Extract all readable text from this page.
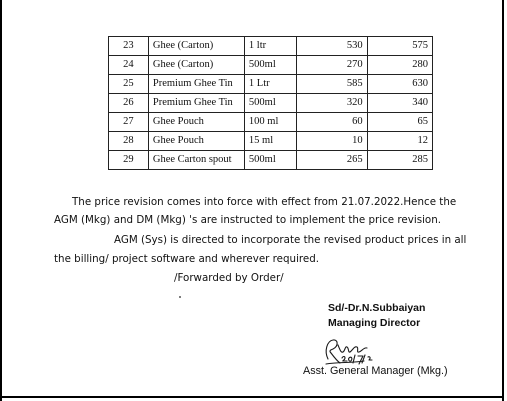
23	Ghee (Carton)	1 ltr	530	575
24	Ghee (Carton)	500ml	270	280
25	Premium Ghee Tin	1 Ltr	585	630
26	Premium Ghee Tin	500ml	320	340
27	Ghee Pouch	100 ml	60	65
28	Ghee Pouch	15 ml	10	12
29	Ghee Carton spout	500ml	265	285
The price revision comes into force with effect from 21.07.2022.Hence the
AGM (Mkg) and DM (Mkg) 's are instructed to implement the price revision.
AGM (Sys) is directed to incorporate the revised product prices in all
the billing/ project software and wherever required.
/Forwarded by Order/
Sd/-Dr.N.Subbaiyan
Managing Director
Asst. General Manager (Mkg.)
